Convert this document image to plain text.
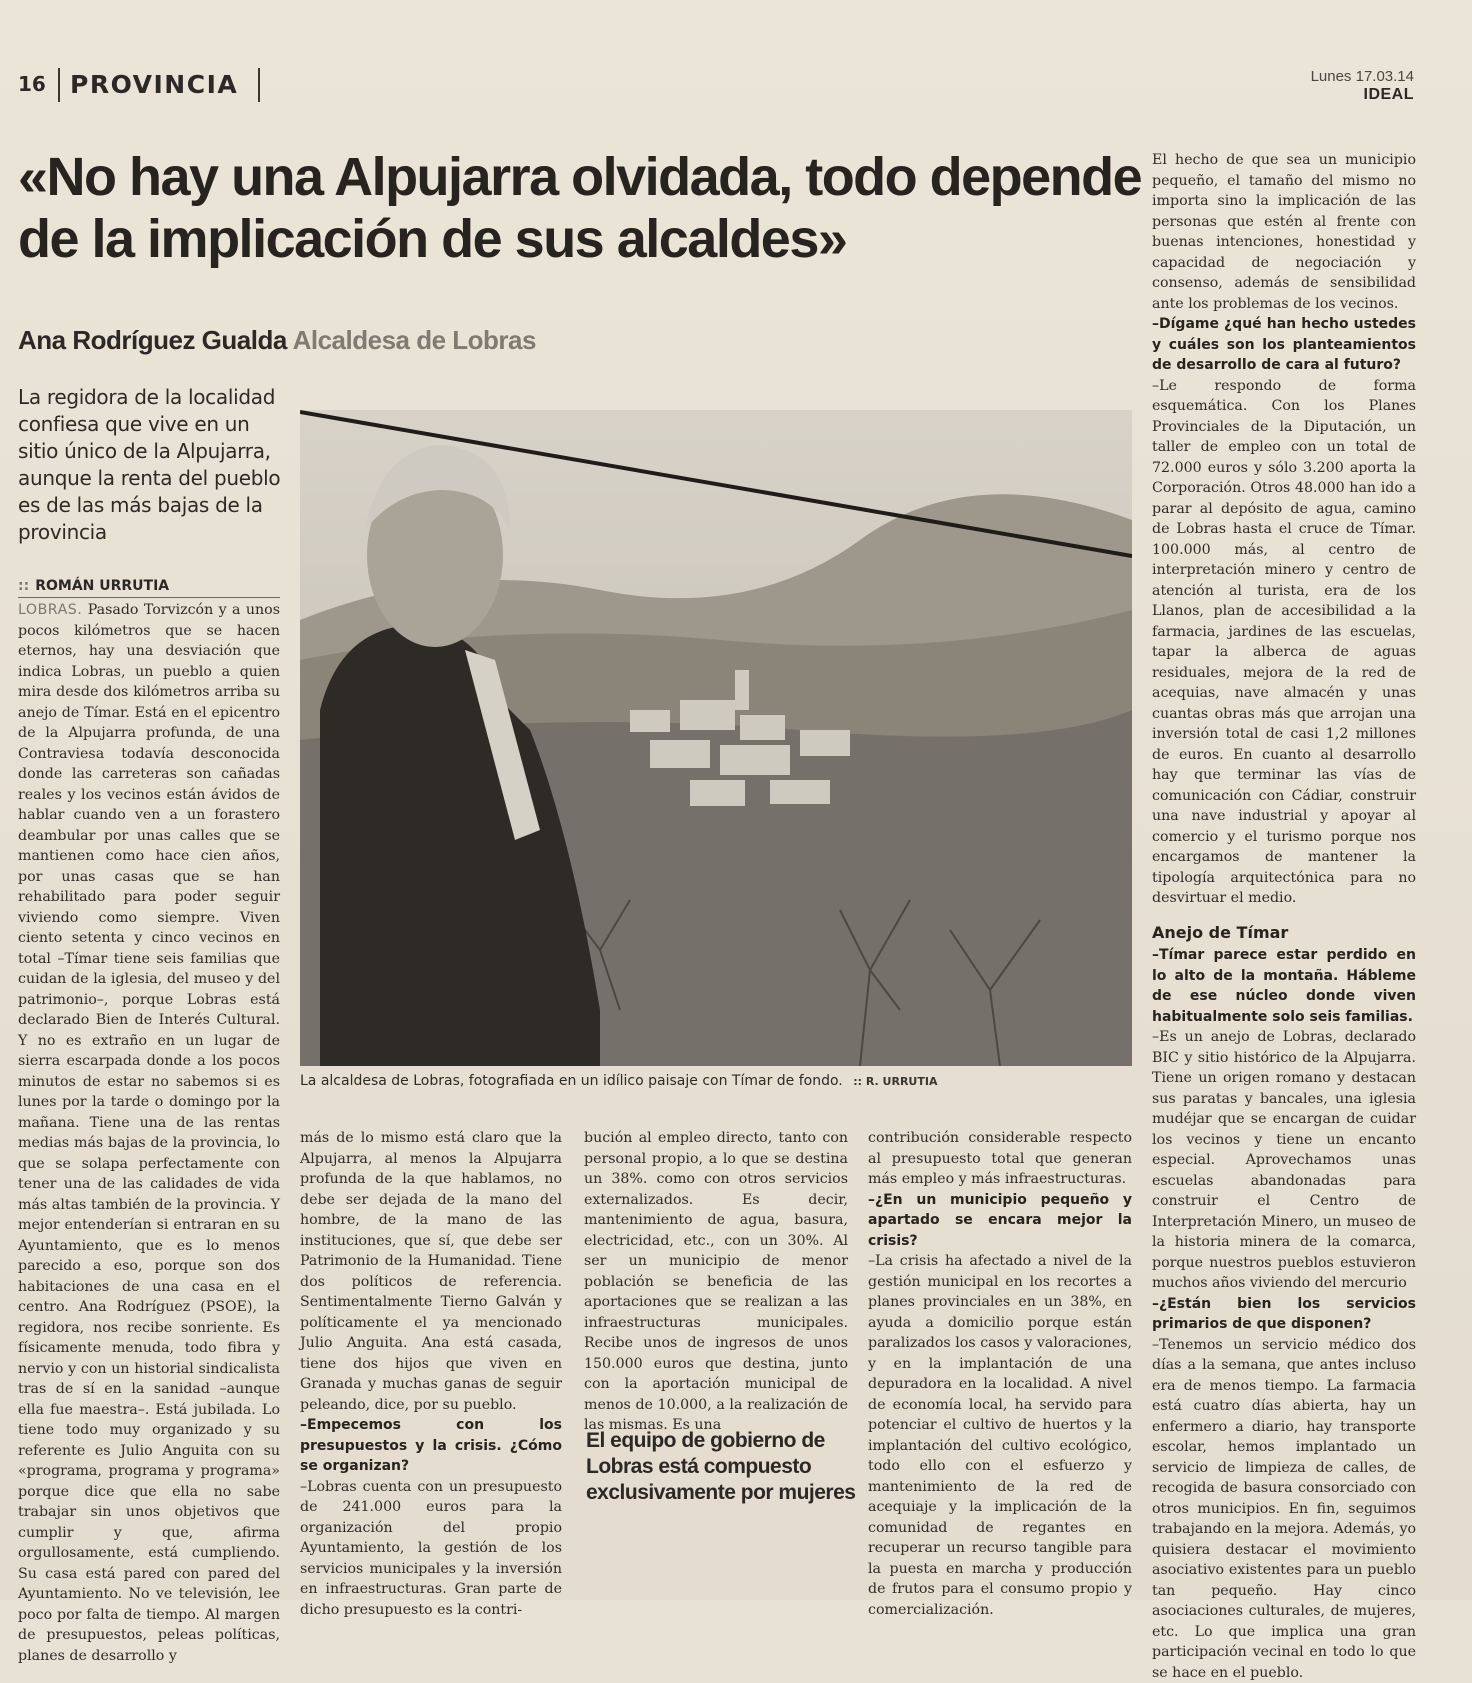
16 PROVINCIA	Lunes 17.03.14
IDEAL
«No hay una Alpujarra olvidada, todo depende de la implicación de sus alcaldes»
Ana Rodríguez Gualda Alcaldesa de Lobras
La regidora de la localidad confiesa que vive en un sitio único de la Alpujarra, aunque la renta del pueblo es de las más bajas de la provincia
:: ROMÁN URRUTIA

LOBRAS. Pasado Torvizcón y a unos pocos kilómetros que se hacen eternos, hay una desviación que indica Lobras, un pueblo a quien mira desde dos kilómetros arriba su anejo de Tímar. Está en el epicentro de la Alpujarra profunda, de una Contraviesa todavía desconocida donde las carreteras son cañadas reales y los vecinos están ávidos de hablar cuando ven a un forastero deambular por unas calles que se mantienen como hace cien años, por unas casas que se han rehabilitado para poder seguir viviendo como siempre. Viven ciento setenta y cinco vecinos en total –Tímar tiene seis familias que cuidan de la iglesia, del museo y del patrimonio–, porque Lobras está declarado Bien de Interés Cultural. Y no es extraño en un lugar de sierra escarpada donde a los pocos minutos de estar no sabemos si es lunes por la tarde o domingo por la mañana. Tiene una de las rentas medias más bajas de la provincia, lo que se solapa perfectamente con tener una de las calidades de vida más altas también de la provincia. Y mejor entenderían si entraran en su Ayuntamiento, que es lo menos parecido a eso, porque son dos habitaciones de una casa en el centro. Ana Rodríguez (PSOE), la regidora, nos recibe sonriente. Es físicamente menuda, todo fibra y nervio y con un historial sindicalista tras de sí en la sanidad –aunque ella fue maestra–. Está jubilada. Lo tiene todo muy organizado y su referente es Julio Anguita con su «programa, programa y programa» porque dice que ella no sabe trabajar sin unos objetivos que cumplir y que, afirma orgullosamente, está cumpliendo. Su casa está pared con pared del Ayuntamiento. No ve televisión, lee poco por falta de tiempo. Al margen de presupuestos, peleas políticas, planes de desarrollo y

La alcaldesa de Lobras, fotografiada en un idílico paisaje con Tímar de fondo. :: R. URRUTIA

más de lo mismo está claro que la Alpujarra, al menos la Alpujarra profunda de la que hablamos, no debe ser dejada de la mano del hombre, de la mano de las instituciones, que sí, que debe ser Patrimonio de la Humanidad. Tiene dos políticos de referencia. Sentimentalmente Tierno Galván y políticamente el ya mencionado Julio Anguita. Ana está casada, tiene dos hijos que viven en Granada y muchas ganas de seguir peleando, dice, por su pueblo.

–Empecemos con los presupuestos y la crisis. ¿Cómo se organizan?

–Lobras cuenta con un presupuesto de 241.000 euros para la organización del propio Ayuntamiento, la gestión de los servicios municipales y la inversión en infraestructuras. Gran parte de dicho presupuesto es la contri-

bución al empleo directo, tanto con personal propio, a lo que se destina un 38%. como con otros servicios externalizados. Es decir, mantenimiento de agua, basura, electricidad, etc., con un 30%. Al ser un municipio de menor población se beneficia de las aportaciones que se realizan a las infraestructuras municipales. Recibe unos de ingresos de unos 150.000 euros que destina, junto con la aportación municipal de menos de 10.000, a la realización de las mismas. Es una

El equipo de gobierno de Lobras está compuesto exclusivamente por mujeres

contribución considerable respecto al presupuesto total que generan más empleo y más infraestructuras.

–¿En un municipio pequeño y apartado se encara mejor la crisis?

–La crisis ha afectado a nivel de la gestión municipal en los recortes a planes provinciales en un 38%, en ayuda a domicilio porque están paralizados los casos y valoraciones, y en la implantación de una depuradora en la localidad. A nivel de economía local, ha servido para potenciar el cultivo de huertos y la implantación del cultivo ecológico, todo ello con el esfuerzo y mantenimiento de la red de acequiaje y la implicación de la comunidad de regantes en recuperar un recurso tangible para la puesta en marcha y producción de frutos para el consumo propio y comercialización.

El hecho de que sea un municipio pequeño, el tamaño del mismo no importa sino la implicación de las personas que estén al frente con buenas intenciones, honestidad y capacidad de negociación y consenso, además de sensibilidad ante los problemas de los vecinos.

–Dígame ¿qué han hecho ustedes y cuáles son los planteamientos de desarrollo de cara al futuro?

–Le respondo de forma esquemática. Con los Planes Provinciales de la Diputación, un taller de empleo con un total de 72.000 euros y sólo 3.200 aporta la Corporación. Otros 48.000 han ido a parar al depósito de agua, camino de Lobras hasta el cruce de Tímar. 100.000 más, al centro de interpretación minero y centro de atención al turista, era de los Llanos, plan de accesibilidad a la farmacia, jardines de las escuelas, tapar la alberca de aguas residuales, mejora de la red de acequias, nave almacén y unas cuantas obras más que arrojan una inversión total de casi 1,2 millones de euros. En cuanto al desarrollo hay que terminar las vías de comunicación con Cádiar, construir una nave industrial y apoyar al comercio y el turismo porque nos encargamos de mantener la tipología arquitectónica para no desvirtuar el medio.

Anejo de Tímar

–Tímar parece estar perdido en lo alto de la montaña. Hábleme de ese núcleo donde viven habitualmente solo seis familias.

–Es un anejo de Lobras, declarado BIC y sitio histórico de la Alpujarra. Tiene un origen romano y destacan sus paratas y bancales, una iglesia mudéjar que se encargan de cuidar los vecinos y tiene un encanto especial. Aprovechamos unas escuelas abandonadas para construir el Centro de Interpretación Minero, un museo de la historia minera de la comarca, porque nuestros pueblos estuvieron muchos años viviendo del mercurio

–¿Están bien los servicios primarios de que disponen?

–Tenemos un servicio médico dos días a la semana, que antes incluso era de menos tiempo. La farmacia está cuatro días abierta, hay un enfermero a diario, hay transporte escolar, hemos implantado un servicio de limpieza de calles, de recogida de basura consorciado con otros municipios. En fin, seguimos trabajando en la mejora. Además, yo quisiera destacar el movimiento asociativo existentes para un pueblo tan pequeño. Hay cinco asociaciones culturales, de mujeres, etc. Lo que implica una gran participación vecinal en todo lo que se hace en el pueblo.
